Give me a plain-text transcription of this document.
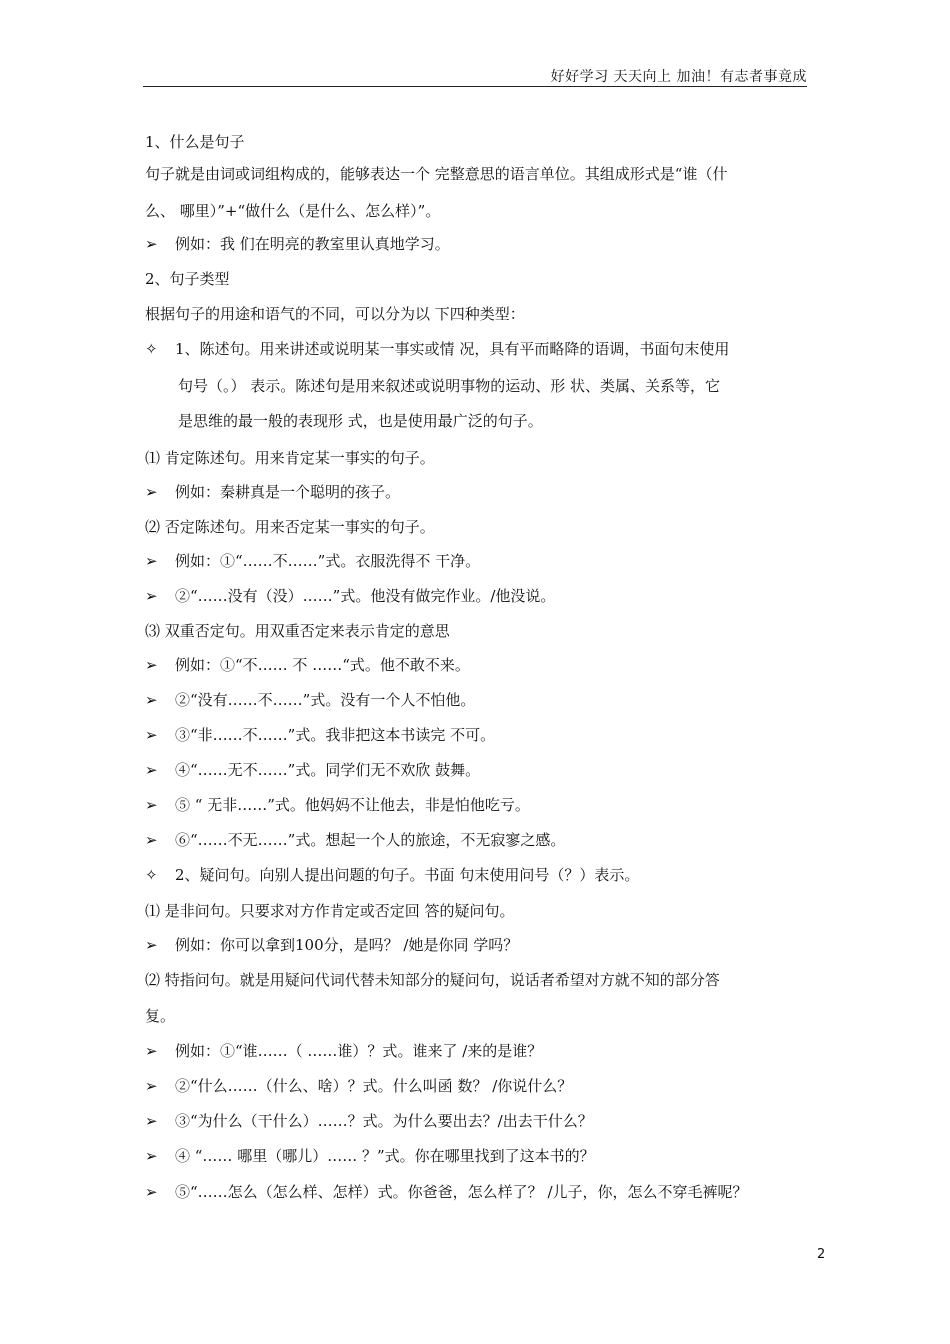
好好学习 天天向上 加油！有志者事竟成
1、什么是句子
句子就是由词或词组构成的，能够表达一个 完整意思的语言单位。其组成形式是“谁（什
么、 哪里）”+“做什么（是什么、怎么样）”。
➢ 例如：我 们在明亮的教室里认真地学习。
2、句子类型
根据句子的用途和语气的不同，可以分为以 下四种类型：
✧ 1、陈述句。用来讲述或说明某一事实或情 况，具有平而略降的语调，书面句末使用
句号（。） 表示。陈述句是用来叙述或说明事物的运动、形 状、类属、关系等，它
是思维的最一般的表现形 式，也是使用最广泛的句子。
⑴ 肯定陈述句。用来肯定某一事实的句子。
➢ 例如：秦耕真是一个聪明的孩子。
⑵ 否定陈述句。用来否定某一事实的句子。
➢ 例如：①“……不……”式。衣服洗得不 干净。
➢ ②“……没有（没）……”式。他没有做完作业。/他没说。
⑶ 双重否定句。用双重否定来表示肯定的意思
➢ 例如：①“不…… 不 ……“式。他不敢不来。
➢ ②“没有……不……”式。没有一个人不怕他。
➢ ③“非……不……”式。我非把这本书读完 不可。
➢ ④“……无不……”式。同学们无不欢欣 鼓舞。
➢ ⑤ “ 无非……”式。他妈妈不让他去，非是怕他吃亏。
➢ ⑥“……不无……”式。想起一个人的旅途，不无寂寥之感。
✧ 2、疑问句。向别人提出问题的句子。书面 句末使用问号（？）表示。
⑴ 是非问句。只要求对方作肯定或否定回 答的疑问句。
➢ 例如：你可以拿到100分，是吗？ /她是你同 学吗？
⑵ 特指问句。就是用疑问代词代替未知部分的疑问句，说话者希望对方就不知的部分答
复。
➢ 例如：①“谁……（ ……谁）？式。谁来了 /来的是谁？
➢ ②“什么……（什么、啥）？式。什么叫函 数？ /你说什么？
➢ ③“为什么（干什么）……？式。为什么要出去？/出去干什么？
➢ ④ “…… 哪里（哪儿）…… ？”式。你在哪里找到了这本书的？
➢ ⑤“……怎么（怎么样、怎样）式。你爸爸，怎么样了？ /儿子，你，怎么不穿毛裤呢？
2
